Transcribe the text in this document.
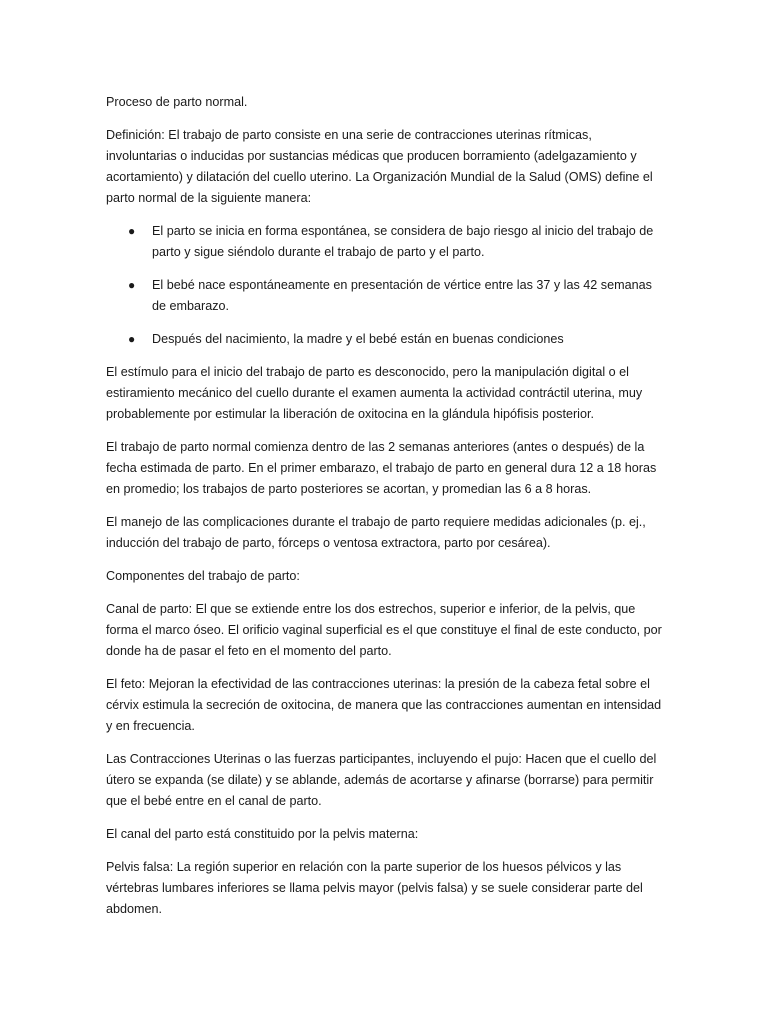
Proceso de parto normal.

Definición: El trabajo de parto consiste en una serie de contracciones uterinas rítmicas, involuntarias o inducidas por sustancias médicas que producen borramiento (adelgazamiento y acortamiento) y dilatación del cuello uterino. La Organización Mundial de la Salud (OMS) define el parto normal de la siguiente manera:

● El parto se inicia en forma espontánea, se considera de bajo riesgo al inicio del trabajo de parto y sigue siéndolo durante el trabajo de parto y el parto.
● El bebé nace espontáneamente en presentación de vértice entre las 37 y las 42 semanas de embarazo.
● Después del nacimiento, la madre y el bebé están en buenas condiciones

El estímulo para el inicio del trabajo de parto es desconocido, pero la manipulación digital o el estiramiento mecánico del cuello durante el examen aumenta la actividad contráctil uterina, muy probablemente por estimular la liberación de oxitocina en la glándula hipófisis posterior.

El trabajo de parto normal comienza dentro de las 2 semanas anteriores (antes o después) de la fecha estimada de parto. En el primer embarazo, el trabajo de parto en general dura 12 a 18 horas en promedio; los trabajos de parto posteriores se acortan, y promedian las 6 a 8 horas.

El manejo de las complicaciones durante el trabajo de parto requiere medidas adicionales (p. ej., inducción del trabajo de parto, fórceps o ventosa extractora, parto por cesárea).

Componentes del trabajo de parto:

Canal de parto: El que se extiende entre los dos estrechos, superior e inferior, de la pelvis, que forma el marco óseo. El orificio vaginal superficial es el que constituye el final de este conducto, por donde ha de pasar el feto en el momento del parto.

El feto: Mejoran la efectividad de las contracciones uterinas: la presión de la cabeza fetal sobre el cérvix estimula la secreción de oxitocina, de manera que las contracciones aumentan en intensidad y en frecuencia.

Las Contracciones Uterinas o las fuerzas participantes, incluyendo el pujo: Hacen que el cuello del útero se expanda (se dilate) y se ablande, además de acortarse y afinarse (borrarse) para permitir que el bebé entre en el canal de parto.

El canal del parto está constituido por la pelvis materna:

Pelvis falsa: La región superior en relación con la parte superior de los huesos pélvicos y las vértebras lumbares inferiores se llama pelvis mayor (pelvis falsa) y se suele considerar parte del abdomen.
